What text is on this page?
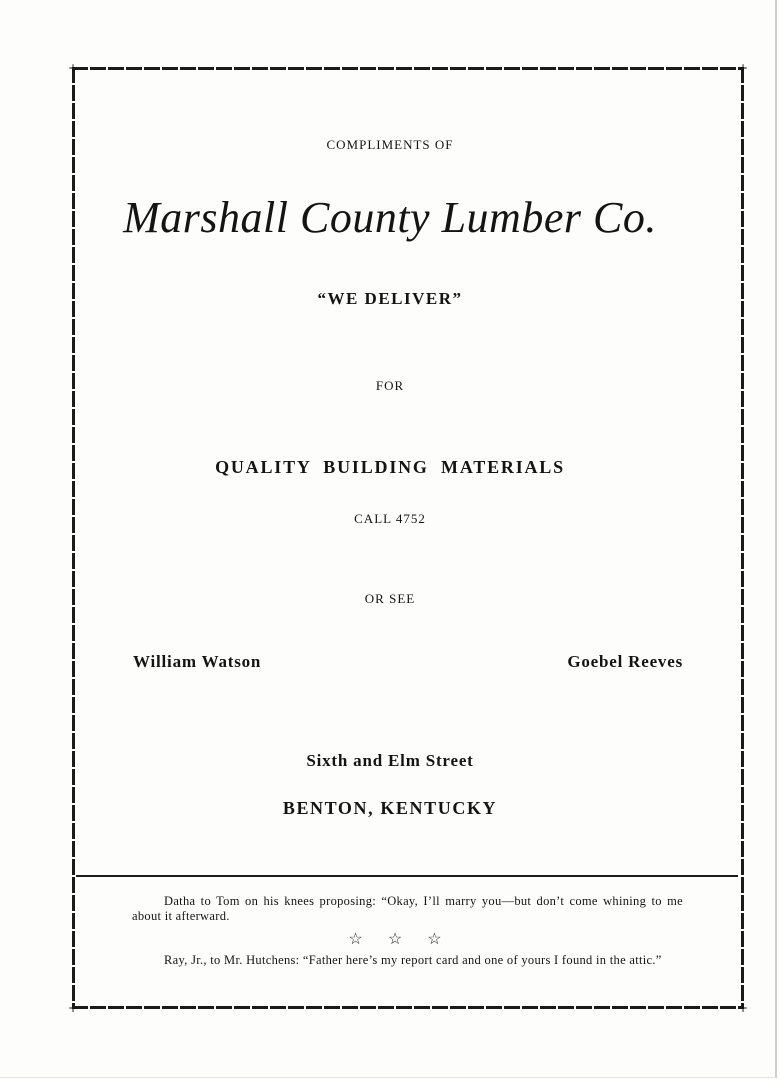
+	+
+	+
COMPLIMENTS OF
Marshall County Lumber Co.
“WE DELIVER”
FOR
QUALITY BUILDING MATERIALS
CALL 4752
OR SEE
William Watson	Goebel Reeves
Sixth and Elm Street
BENTON, KENTUCKY
Datha to Tom on his knees proposing: “Okay, I’ll marry you—but don’t come whining to me about it afterward.
☆ ☆ ☆
Ray, Jr., to Mr. Hutchens: “Father here’s my report card and one of yours I found in the attic.”
